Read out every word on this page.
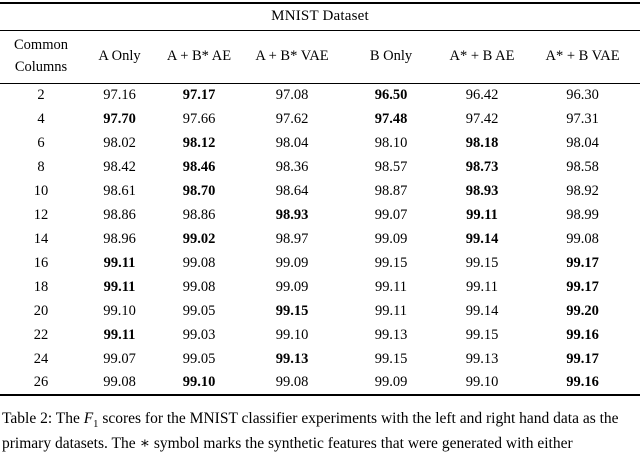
MNIST Dataset						

Common
Columns	A Only	A + B* AE	A + B* VAE	B Only	A* + B AE	A* + B VAE
2	97.16	97.17	97.08	96.50	96.42	96.30
4	97.70	97.66	97.62	97.48	97.42	97.31
6	98.02	98.12	98.04	98.10	98.18	98.04
8	98.42	98.46	98.36	98.57	98.73	98.58
10	98.61	98.70	98.64	98.87	98.93	98.92
12	98.86	98.86	98.93	99.07	99.11	98.99
14	98.96	99.02	98.97	99.09	99.14	99.08
16	99.11	99.08	99.09	99.15	99.15	99.17
18	99.11	99.08	99.09	99.11	99.11	99.17
20	99.10	99.05	99.15	99.11	99.14	99.20
22	99.11	99.03	99.10	99.13	99.15	99.16
24	99.07	99.05	99.13	99.15	99.13	99.17
26	99.08	99.10	99.08	99.09	99.10	99.16

Table 2: The $F_1$ scores for the MNIST classifier experiments with the left and right hand data as the primary datasets. The ∗ symbol marks the synthetic features that were generated with either
